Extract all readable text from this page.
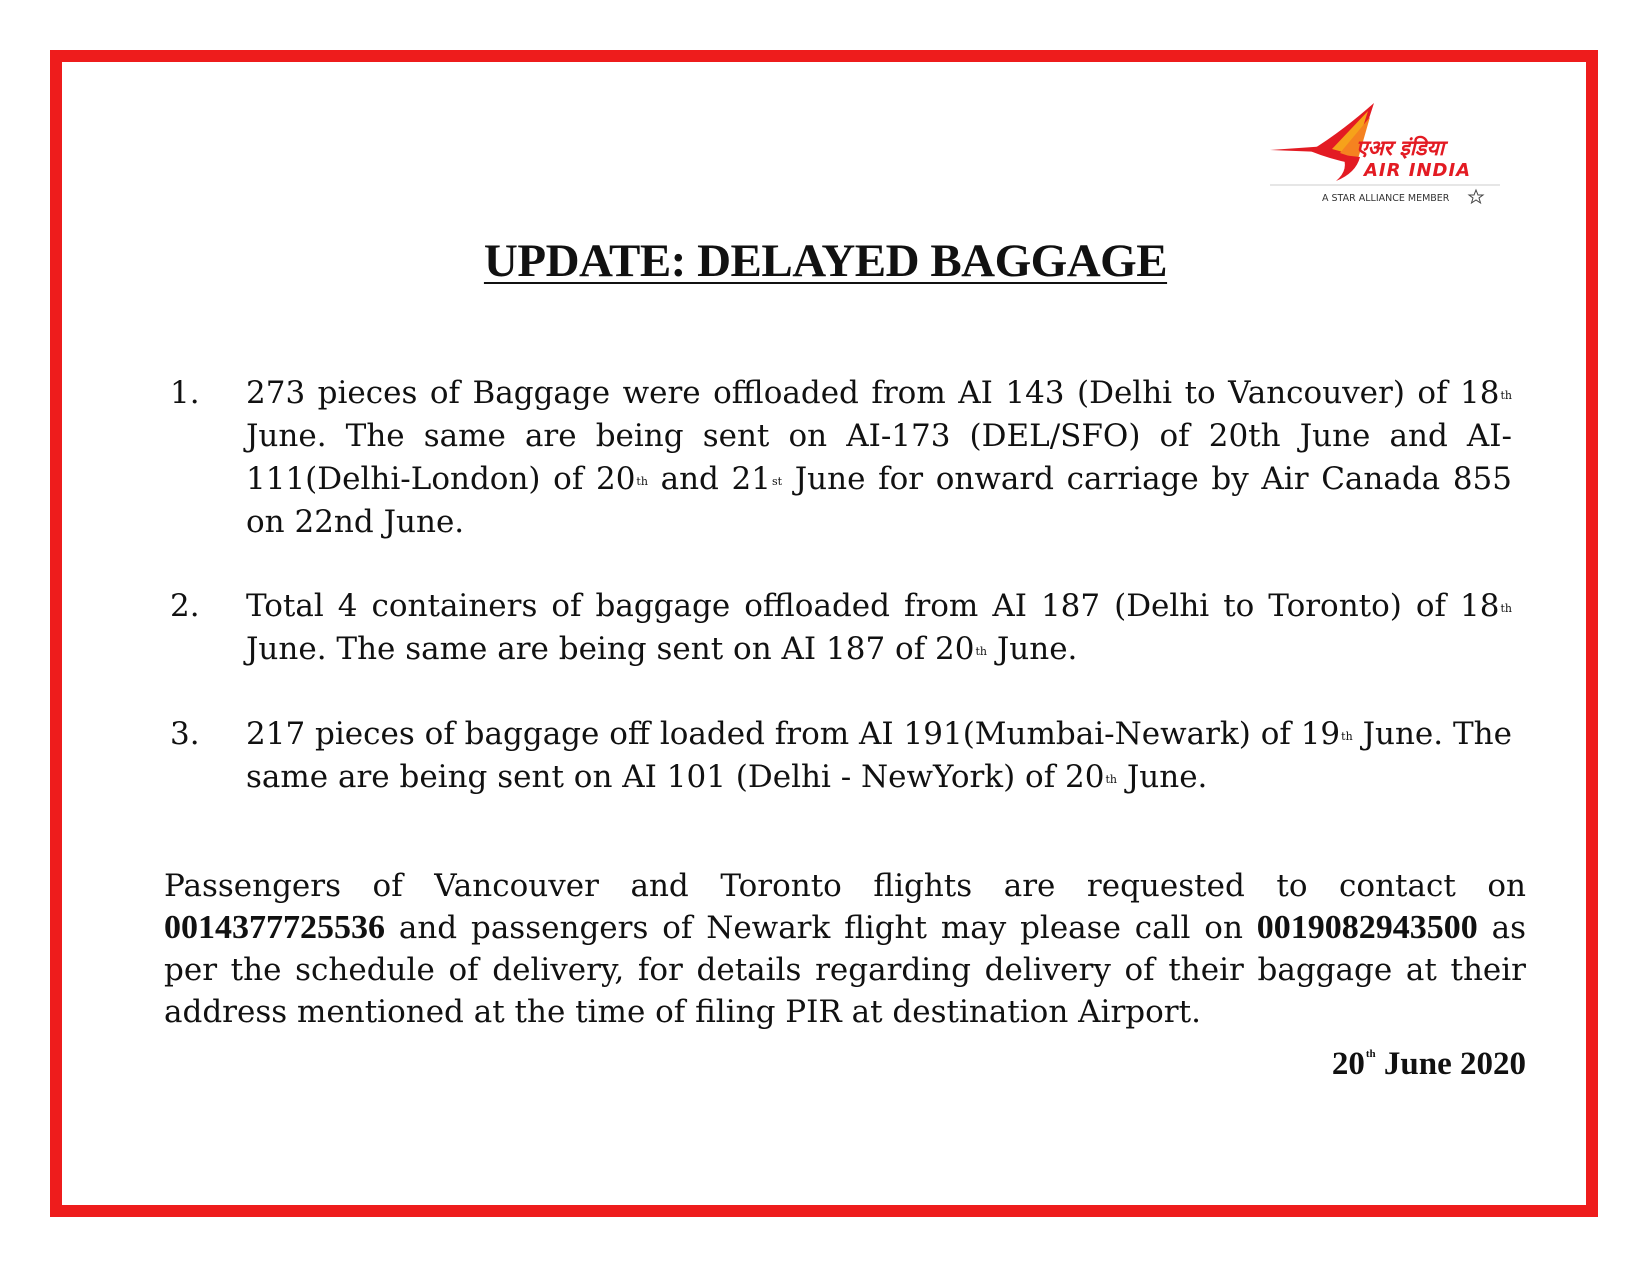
एअर इंडिया
AIR INDIA
A STAR ALLIANCE MEMBER
UPDATE: DELAYED BAGGAGE
1. 273 pieces of Baggage were offloaded from AI 143 (Delhi to Vancouver) of 18th June. The same are being sent on AI-173 (DEL/SFO) of 20th June and AI-111(Delhi-London) of 20th and 21st June for onward carriage by Air Canada 855 on 22nd June.
2. Total 4 containers of baggage offloaded from AI 187 (Delhi to Toronto) of 18th June. The same are being sent on AI 187 of 20th June.
3. 217 pieces of baggage off loaded from AI 191(Mumbai-Newark) of 19th June. The same are being sent on AI 101 (Delhi - NewYork) of 20th June.

Passengers of Vancouver and Toronto flights are requested to contact on 0014377725536 and passengers of Newark flight may please call on 0019082943500 as per the schedule of delivery, for details regarding delivery of their baggage at their address mentioned at the time of filing PIR at destination Airport.

20th June 2020
